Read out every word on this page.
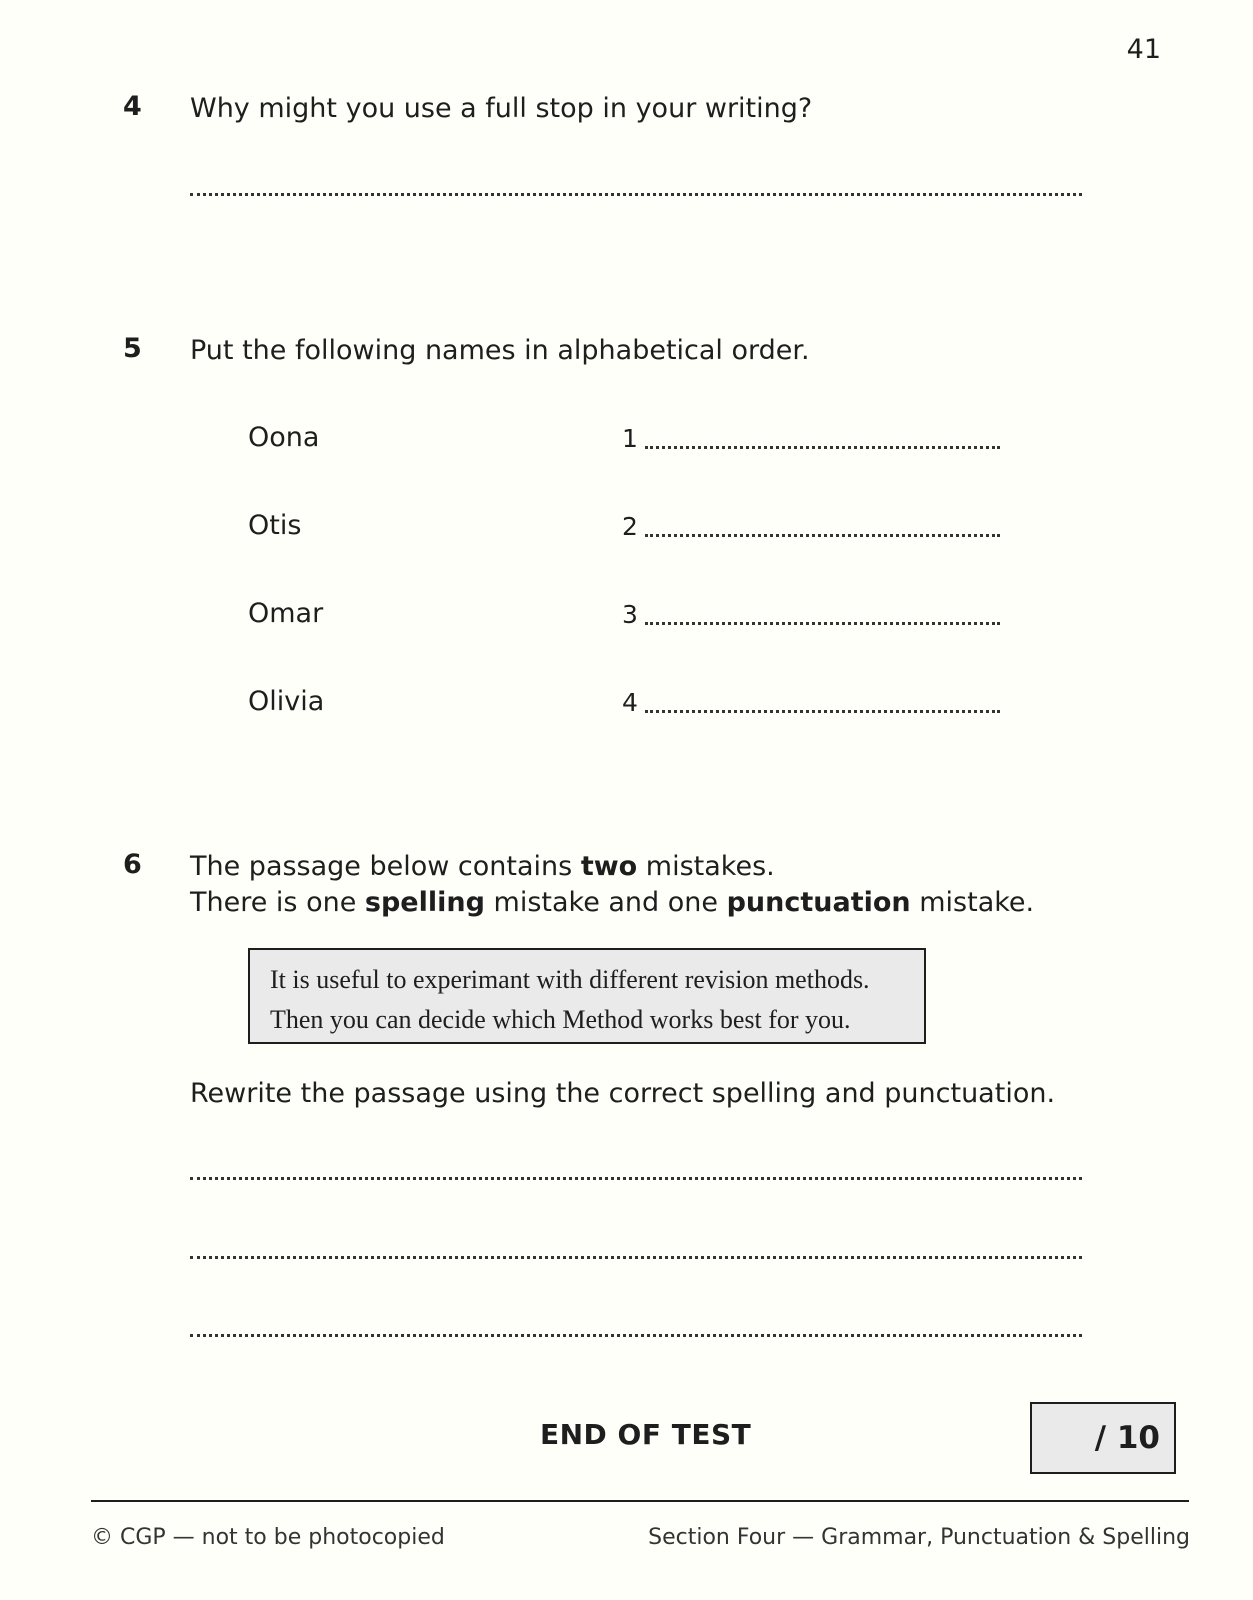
41
4 Why might you use a full stop in your writing?
5 Put the following names in alphabetical order.
Oona
Otis
Omar
Olivia
1
2
3
4
6 The passage below contains two mistakes.
There is one spelling mistake and one punctuation mistake.
It is useful to experimant with different revision methods.
Then you can decide which Method works best for you.
Rewrite the passage using the correct spelling and punctuation.
END OF TEST	/ 10
© CGP — not to be photocopied	Section Four — Grammar, Punctuation & Spelling
